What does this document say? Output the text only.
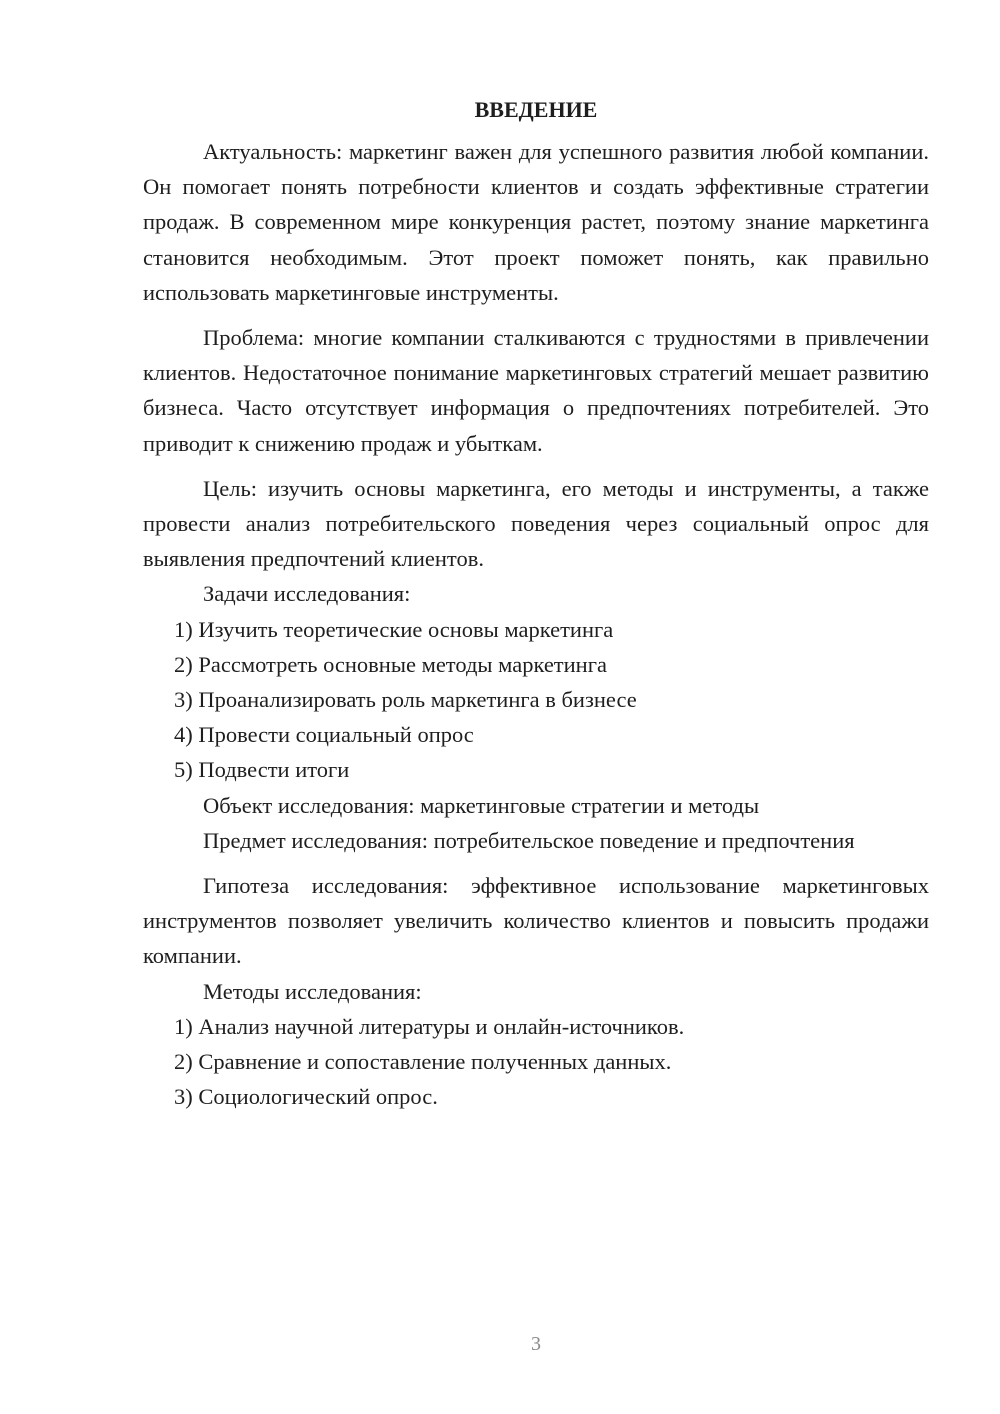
ВВЕДЕНИЕ

Актуальность: маркетинг важен для успешного развития любой компании. Он помогает понять потребности клиентов и создать эффективные стратегии продаж. В современном мире конкуренция растет, поэтому знание маркетинга становится необходимым. Этот проект поможет понять, как правильно использовать маркетинговые инструменты.

Проблема: многие компании сталкиваются с трудностями в привлечении клиентов. Недостаточное понимание маркетинговых стратегий мешает развитию бизнеса. Часто отсутствует информация о предпочтениях потребителей. Это приводит к снижению продаж и убыткам.

Цель: изучить основы маркетинга, его методы и инструменты, а также провести анализ потребительского поведения через социальный опрос для выявления предпочтений клиентов.

Задачи исследования:

1) Изучить теоретические основы маркетинга

2) Рассмотреть основные методы маркетинга

3) Проанализировать роль маркетинга в бизнесе

4) Провести социальный опрос

5) Подвести итоги

Объект исследования: маркетинговые стратегии и методы

Предмет исследования: потребительское поведение и предпочтения

Гипотеза исследования: эффективное использование маркетинговых инструментов позволяет увеличить количество клиентов и повысить продажи компании.

Методы исследования:

1) Анализ научной литературы и онлайн-источников.

2) Сравнение и сопоставление полученных данных.

3) Социологический опрос.

3
